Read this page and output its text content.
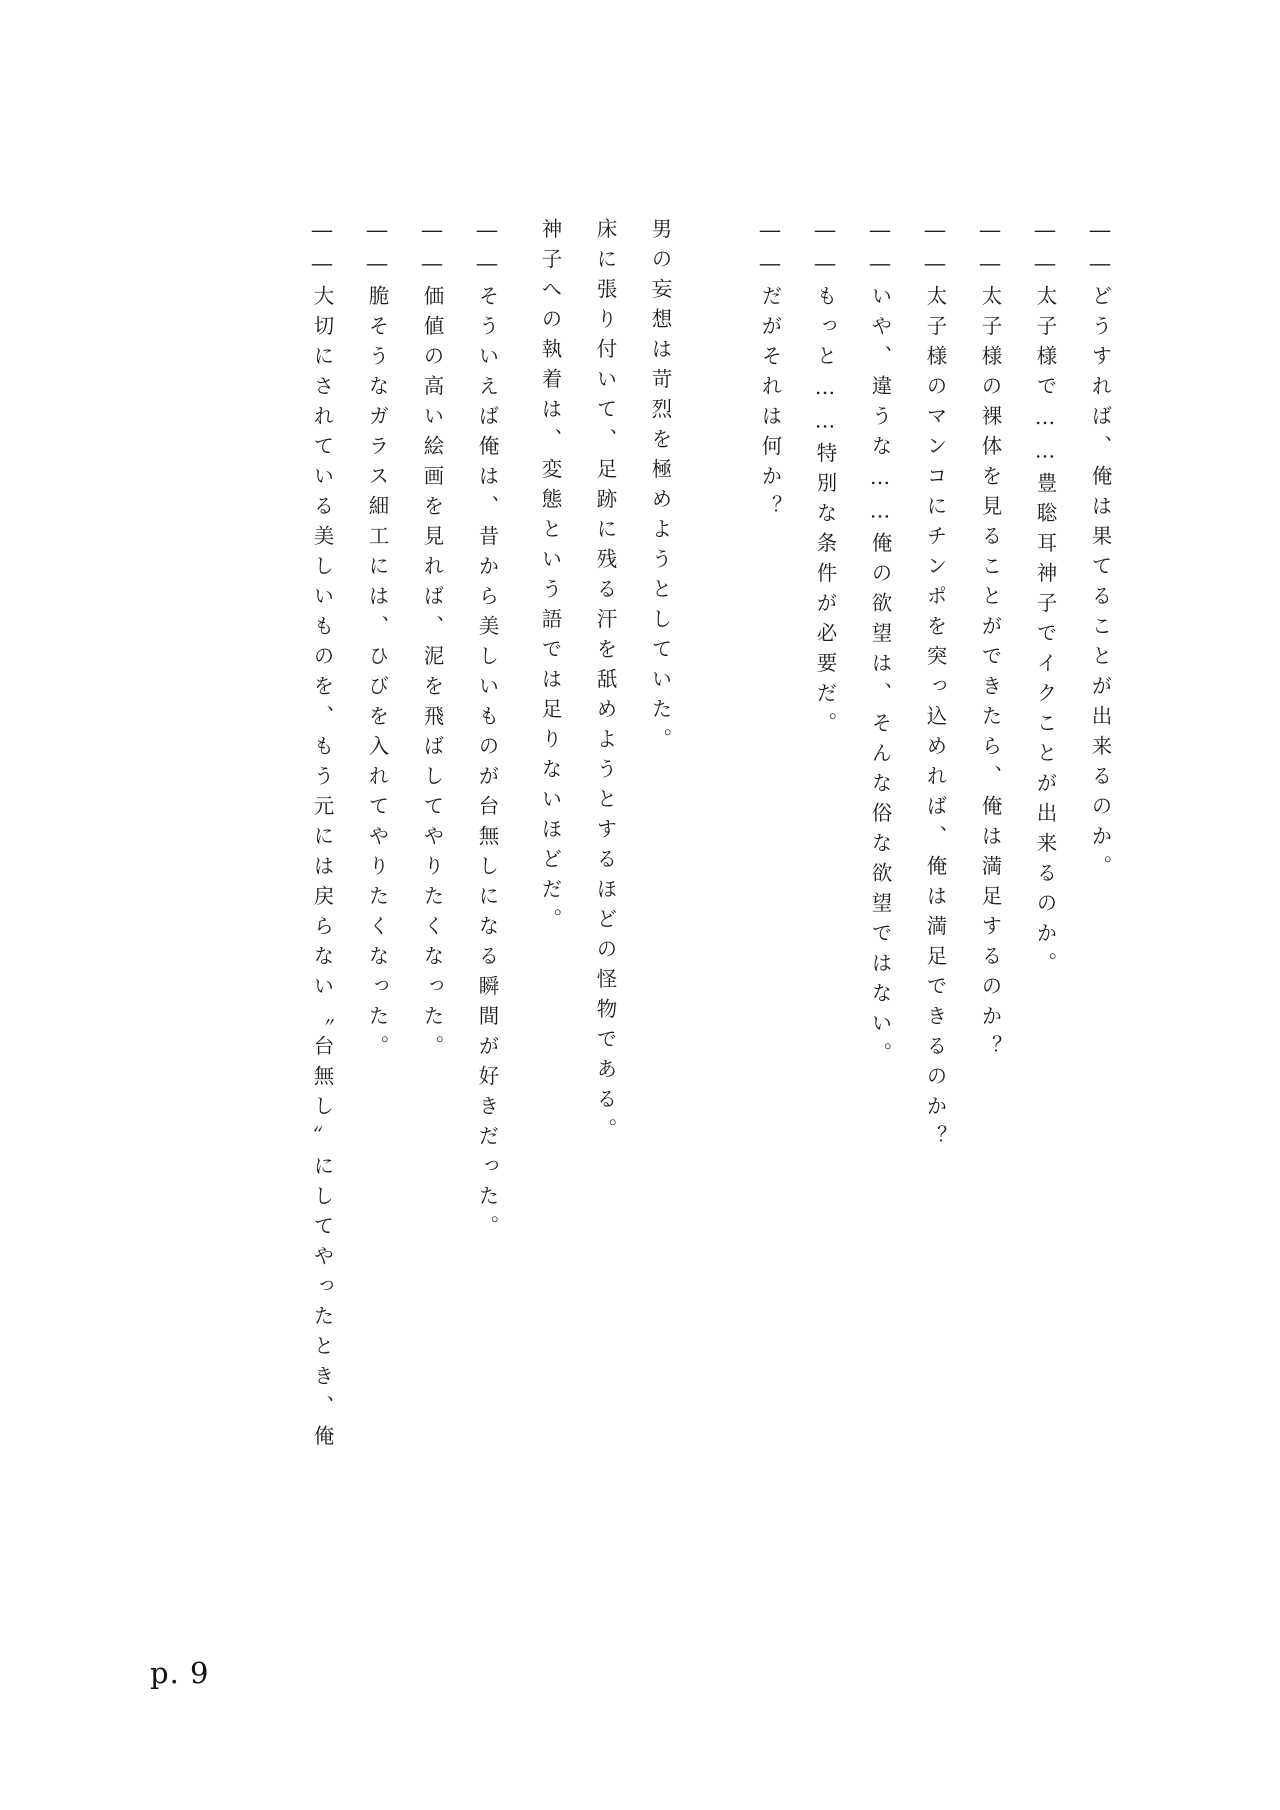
――どうすれば、俺は果てることが出来るのか。
――太子様で……豊聡耳神子でイクことが出来るのか。
――太子様の裸体を見ることができたら、俺は満足するのか？
――太子様のマンコにチンポを突っ込めれば、俺は満足できるのか？
――いや、違うな……俺の欲望は、そんな俗な欲望ではない。
――もっと……特別な条件が必要だ。
――だがそれは何か？
男の妄想は苛烈を極めようとしていた。
床に張り付いて、足跡に残る汗を舐めようとするほどの怪物である。
神子への執着は、変態という語では足りないほどだ。
――そういえば俺は、昔から美しいものが台無しになる瞬間が好きだった。
――価値の高い絵画を見れば、泥を飛ばしてやりたくなった。
――脆そうなガラス細工には、ひびを入れてやりたくなった。
――大切にされている美しいものを、もう元には戻らない〝台無し〟にしてやったとき、俺
p. 9
